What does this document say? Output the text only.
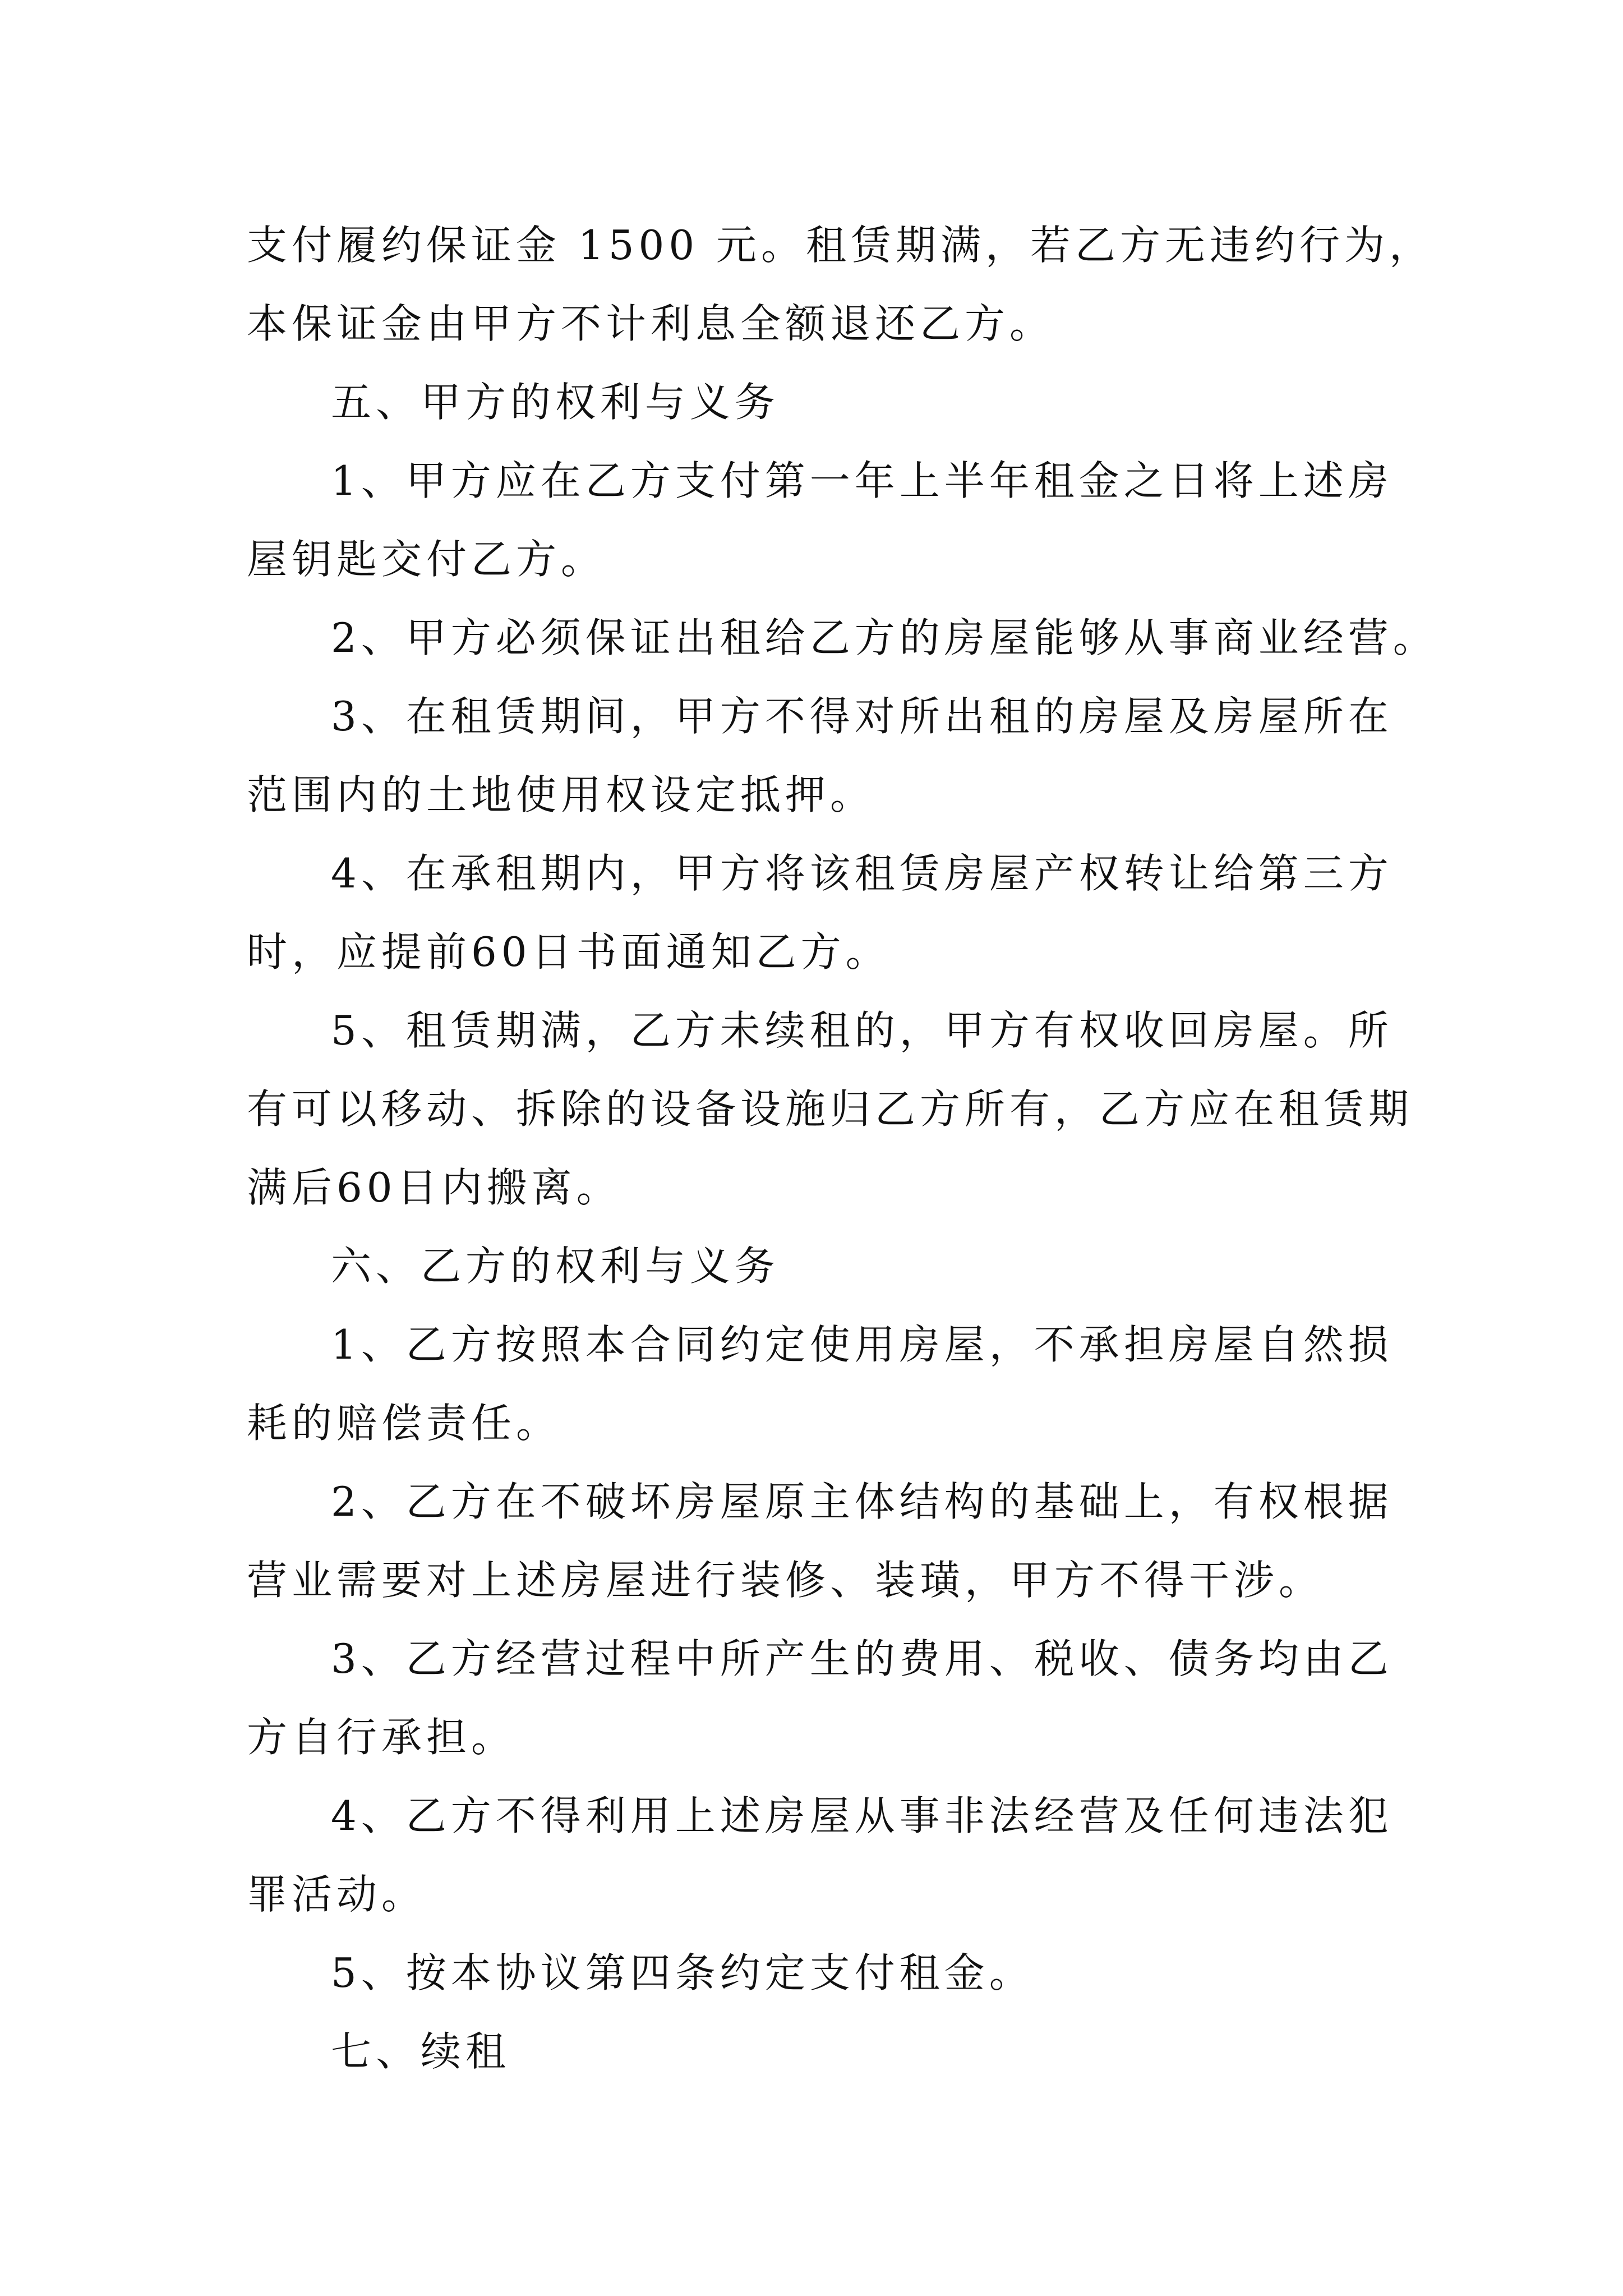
支付履约保证金 1500 元。租赁期满，若乙方无违约行为，
本保证金由甲方不计利息全额退还乙方。
五、甲方的权利与义务
1、甲方应在乙方支付第一年上半年租金之日将上述房
屋钥匙交付乙方。
2、甲方必须保证出租给乙方的房屋能够从事商业经营。
3、在租赁期间，甲方不得对所出租的房屋及房屋所在
范围内的土地使用权设定抵押。
4、在承租期内，甲方将该租赁房屋产权转让给第三方
时，应提前60日书面通知乙方。
5、租赁期满，乙方未续租的，甲方有权收回房屋。所
有可以移动、拆除的设备设施归乙方所有，乙方应在租赁期
满后60日内搬离。
六、乙方的权利与义务
1、乙方按照本合同约定使用房屋，不承担房屋自然损
耗的赔偿责任。
2、乙方在不破坏房屋原主体结构的基础上，有权根据
营业需要对上述房屋进行装修、装璜，甲方不得干涉。
3、乙方经营过程中所产生的费用、税收、债务均由乙
方自行承担。
4、乙方不得利用上述房屋从事非法经营及任何违法犯
罪活动。
5、按本协议第四条约定支付租金。
七、续租
